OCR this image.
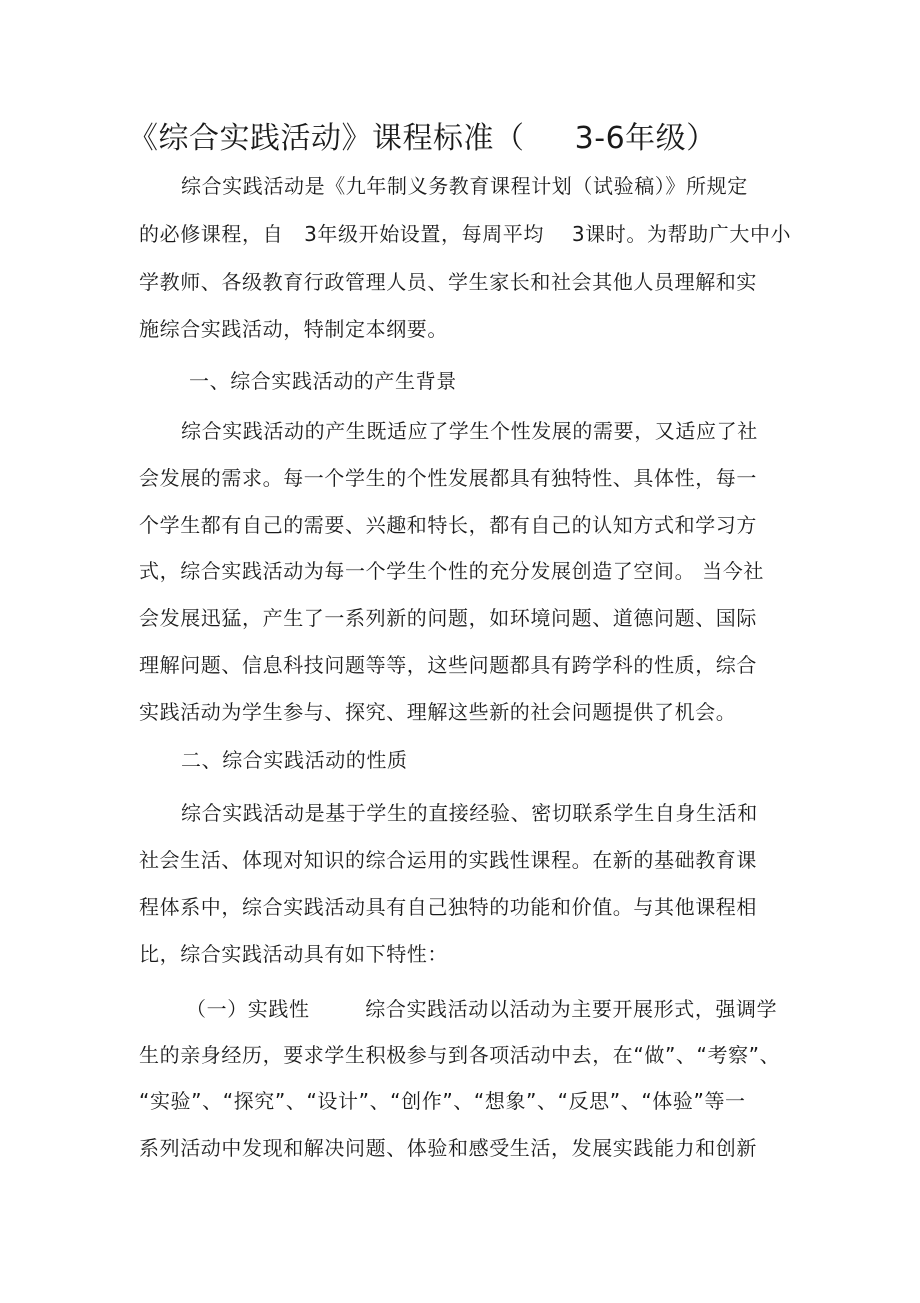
《综合实践活动》课程标准（     3-6年级）
综合实践活动是《九年制义务教育课程计划（试验稿）》所规定
的必修课程，自   3年级开始设置，每周平均    3课时。为帮助广大中小
学教师、各级教育行政管理人员、学生家长和社会其他人员理解和实
施综合实践活动，特制定本纲要。
一、综合实践活动的产生背景
综合实践活动的产生既适应了学生个性发展的需要，又适应了社
会发展的需求。每一个学生的个性发展都具有独特性、具体性，每一
个学生都有自己的需要、兴趣和特长，都有自己的认知方式和学习方
式，综合实践活动为每一个学生个性的充分发展创造了空间。 当今社
会发展迅猛，产生了一系列新的问题，如环境问题、道德问题、国际
理解问题、信息科技问题等等，这些问题都具有跨学科的性质，综合
实践活动为学生参与、探究、理解这些新的社会问题提供了机会。
二、综合实践活动的性质
综合实践活动是基于学生的直接经验、密切联系学生自身生活和
社会生活、体现对知识的综合运用的实践性课程。在新的基础教育课
程体系中，综合实践活动具有自己独特的功能和价值。与其他课程相
比，综合实践活动具有如下特性：
（一）实践性        综合实践活动以活动为主要开展形式，强调学
生的亲身经历，要求学生积极参与到各项活动中去，在“做”、“考察”、
“实验”、“探究”、“设计”、“创作”、“想象”、“反思”、“体验”等一
系列活动中发现和解决问题、体验和感受生活，发展实践能力和创新
